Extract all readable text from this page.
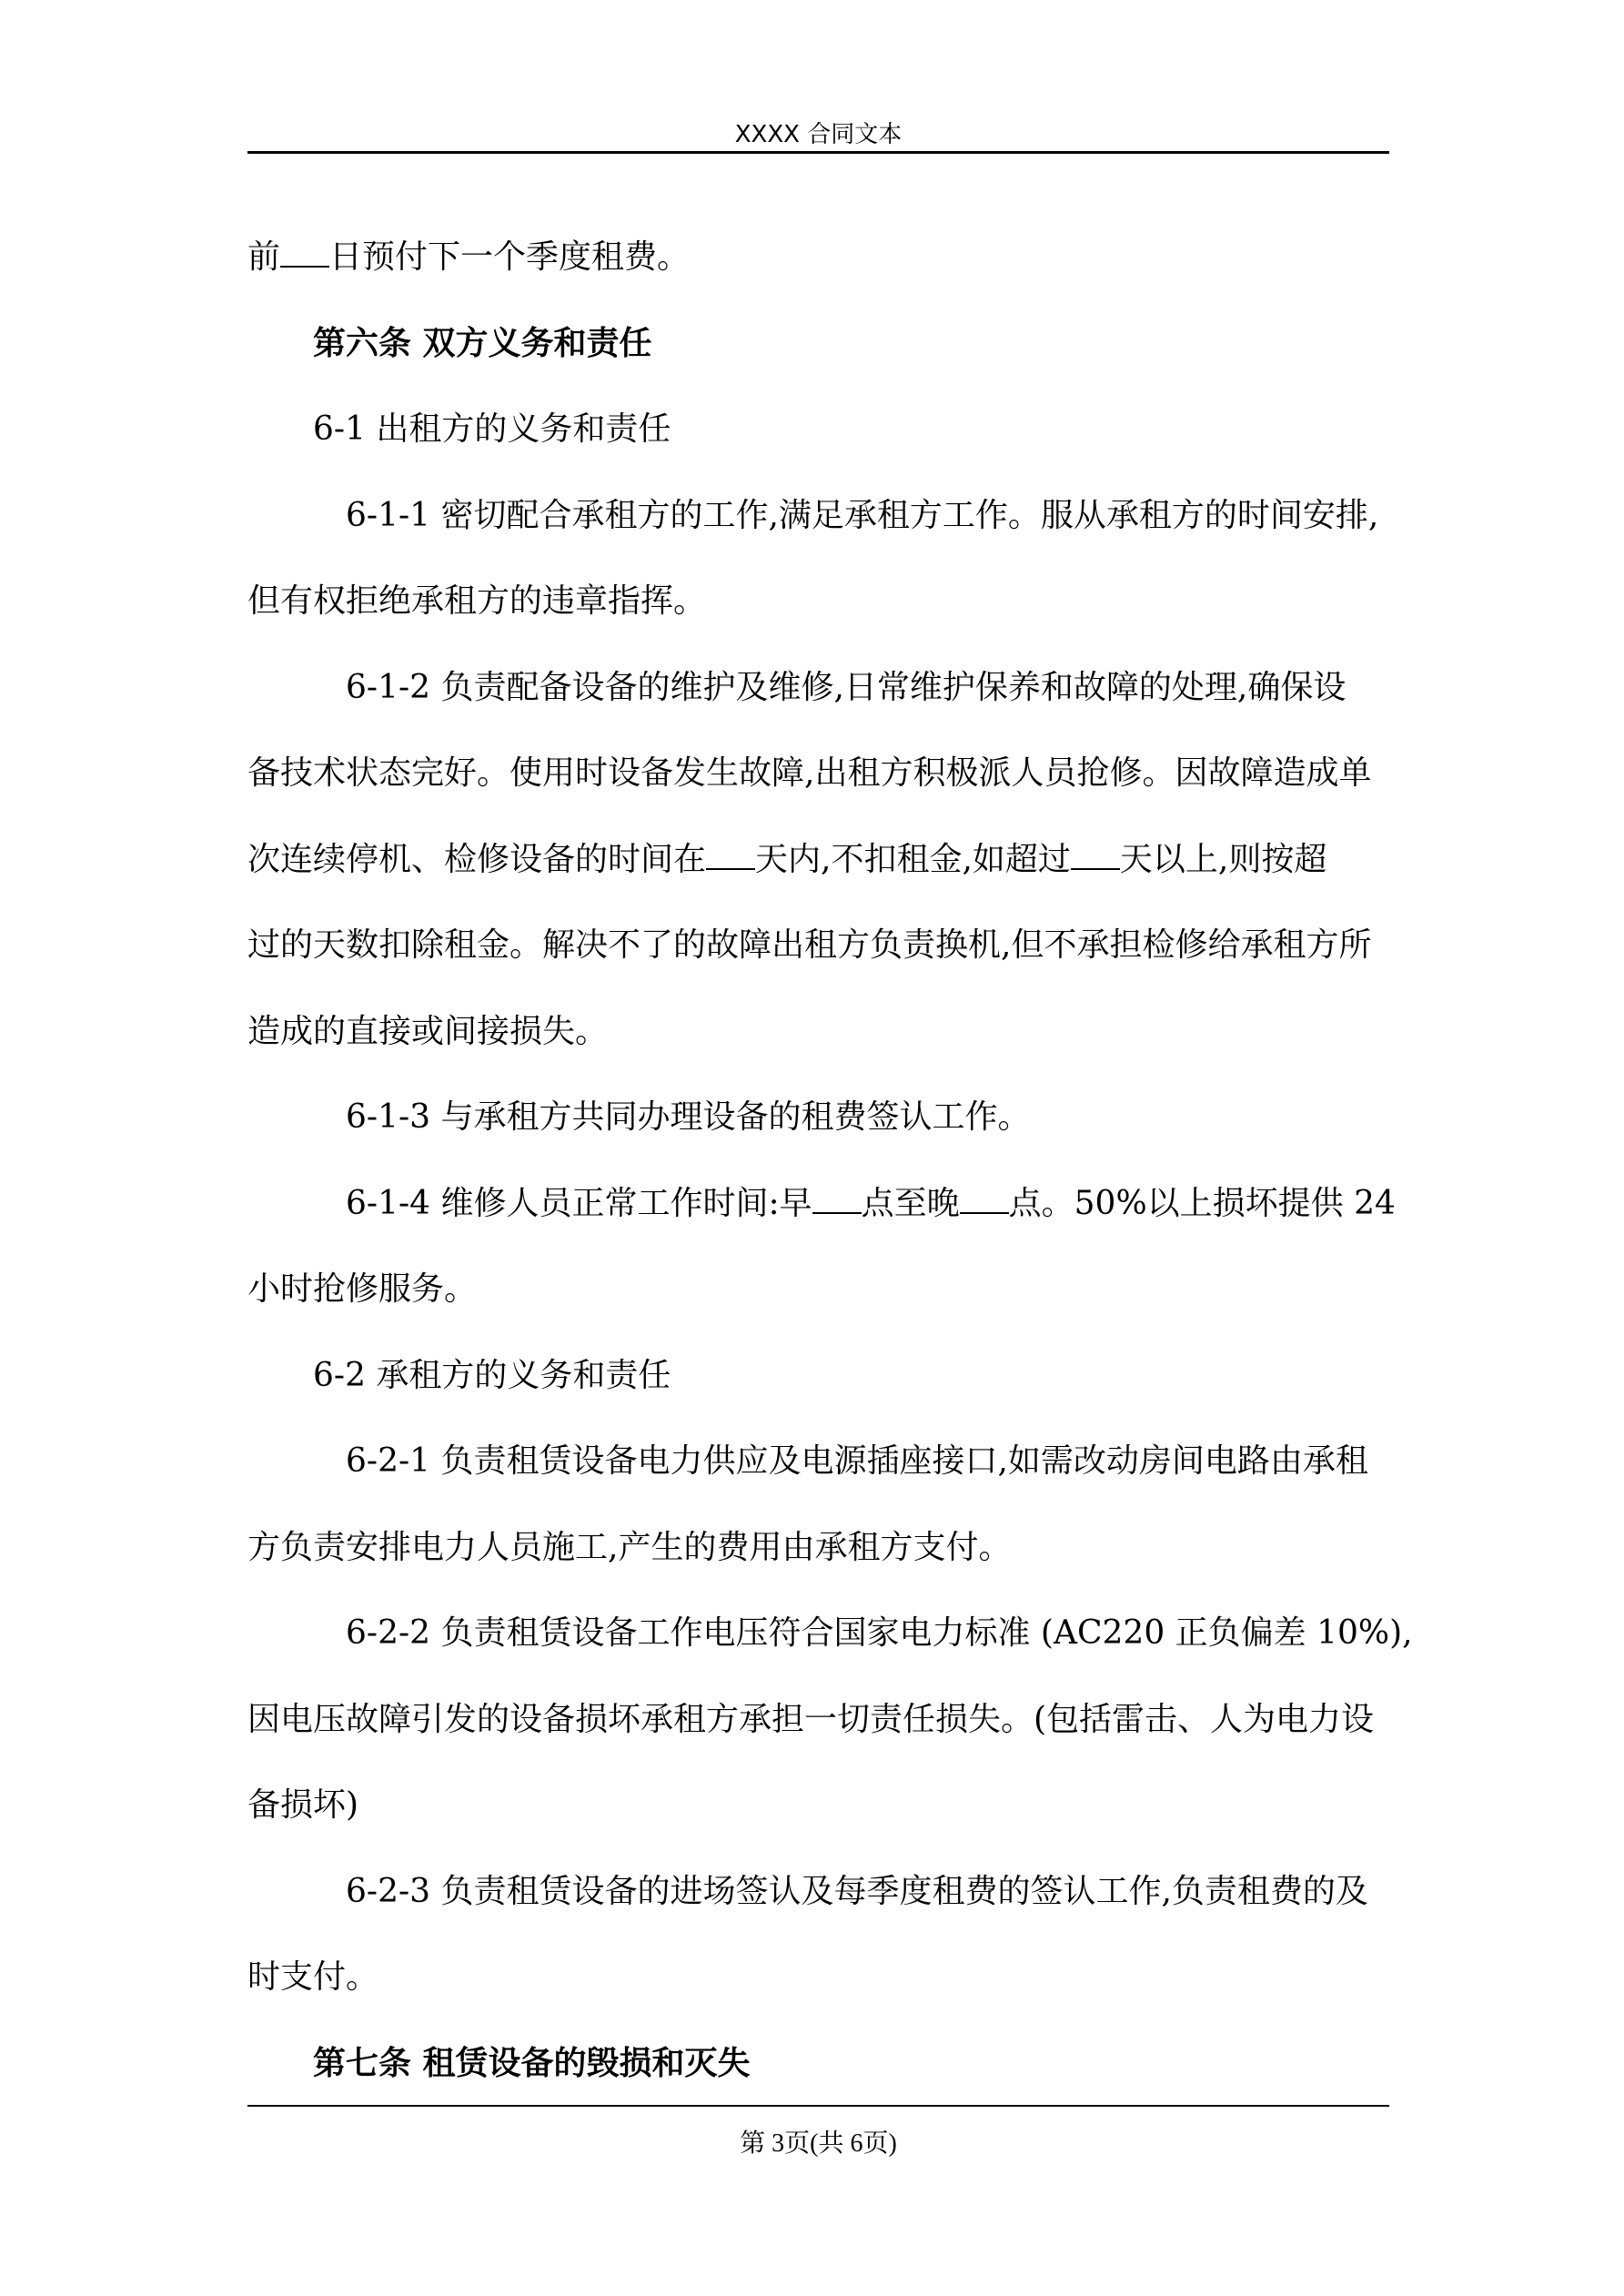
XXXX 合同文本

前 日预付下一个季度租费。

第六条 双方义务和责任

6-1 出租方的义务和责任

6-1-1 密切配合承租方的工作,满足承租方工作。服从承租方的时间安排,

但有权拒绝承租方的违章指挥。

6-1-2 负责配备设备的维护及维修,日常维护保养和故障的处理,确保设

备技术状态完好。使用时设备发生故障,出租方积极派人员抢修。因故障造成单

次连续停机、检修设备的时间在 天内,不扣租金,如超过 天以上,则按超

过的天数扣除租金。解决不了的故障出租方负责换机,但不承担检修给承租方所

造成的直接或间接损失。

6-1-3 与承租方共同办理设备的租费签认工作。

6-1-4 维修人员正常工作时间:早 点至晚 点。50%以上损坏提供 24

小时抢修服务。

6-2 承租方的义务和责任

6-2-1 负责租赁设备电力供应及电源插座接口,如需改动房间电路由承租

方负责安排电力人员施工,产生的费用由承租方支付。

6-2-2 负责租赁设备工作电压符合国家电力标准 (AC220 正负偏差 10%),

因电压故障引发的设备损坏承租方承担一切责任损失。(包括雷击、人为电力设

备损坏)

6-2-3 负责租赁设备的进场签认及每季度租费的签认工作,负责租费的及

时支付。

第七条 租赁设备的毁损和灭失

第 3页(共 6页)
